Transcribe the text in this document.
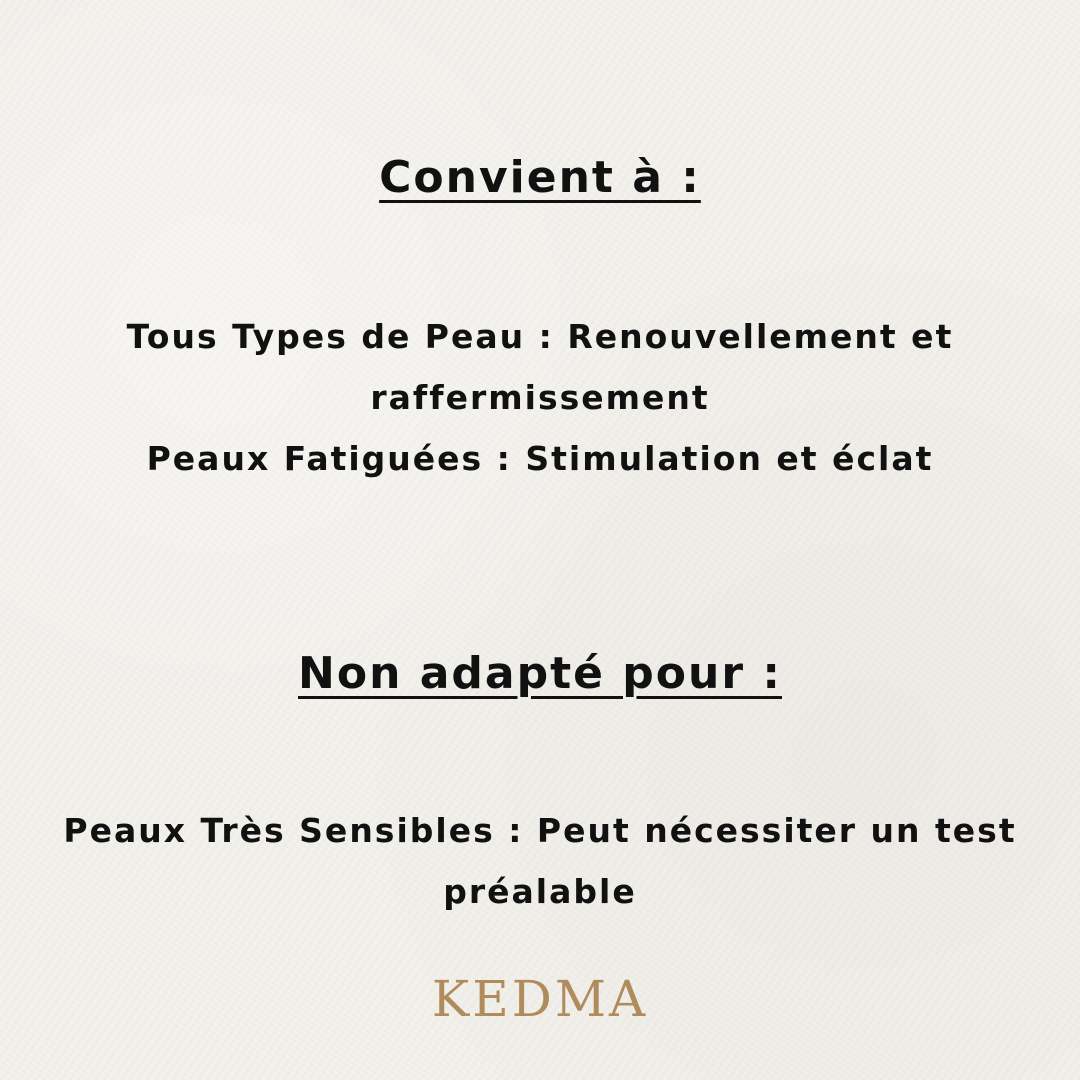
Convient à :
Tous Types de Peau : Renouvellement et
raffermissement
Peaux Fatiguées : Stimulation et éclat
Non adapté pour :
Peaux Très Sensibles : Peut nécessiter un test
préalable
KEDMA
